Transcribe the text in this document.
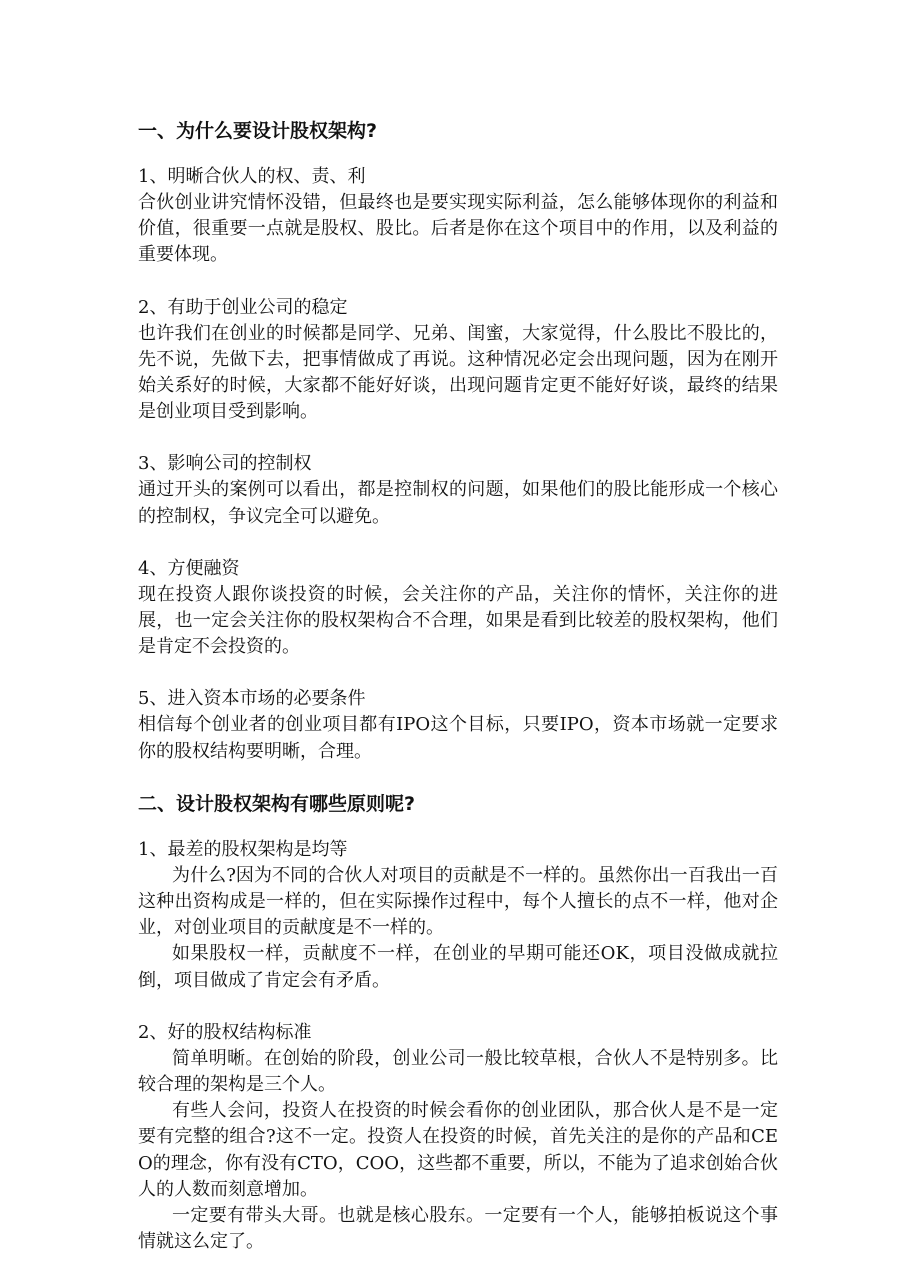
一、为什么要设计股权架构?

1、明晰合伙人的权、责、利

合伙创业讲究情怀没错，但最终也是要实现实际利益，怎么能够体现你的利益和价值，很重要一点就是股权、股比。后者是你在这个项目中的作用，以及利益的重要体现。

2、有助于创业公司的稳定

也许我们在创业的时候都是同学、兄弟、闺蜜，大家觉得，什么股比不股比的，先不说，先做下去，把事情做成了再说。这种情况必定会出现问题，因为在刚开始关系好的时候，大家都不能好好谈，出现问题肯定更不能好好谈，最终的结果是创业项目受到影响。

3、影响公司的控制权

通过开头的案例可以看出，都是控制权的问题，如果他们的股比能形成一个核心的控制权，争议完全可以避免。

4、方便融资

现在投资人跟你谈投资的时候，会关注你的产品，关注你的情怀，关注你的进展，也一定会关注你的股权架构合不合理，如果是看到比较差的股权架构，他们是肯定不会投资的。

5、进入资本市场的必要条件

相信每个创业者的创业项目都有IPO这个目标，只要IPO，资本市场就一定要求你的股权结构要明晰，合理。

二、设计股权架构有哪些原则呢?

1、最差的股权架构是均等

为什么?因为不同的合伙人对项目的贡献是不一样的。虽然你出一百我出一百这种出资构成是一样的，但在实际操作过程中，每个人擅长的点不一样，他对企业，对创业项目的贡献度是不一样的。

如果股权一样，贡献度不一样，在创业的早期可能还OK，项目没做成就拉倒，项目做成了肯定会有矛盾。

2、好的股权结构标准

简单明晰。在创始的阶段，创业公司一般比较草根，合伙人不是特别多。比较合理的架构是三个人。

有些人会问，投资人在投资的时候会看你的创业团队，那合伙人是不是一定要有完整的组合?这不一定。投资人在投资的时候，首先关注的是你的产品和CEO的理念，你有没有CTO，COO，这些都不重要，所以，不能为了追求创始合伙人的人数而刻意增加。

一定要有带头大哥。也就是核心股东。一定要有一个人，能够拍板说这个事情就这么定了。
